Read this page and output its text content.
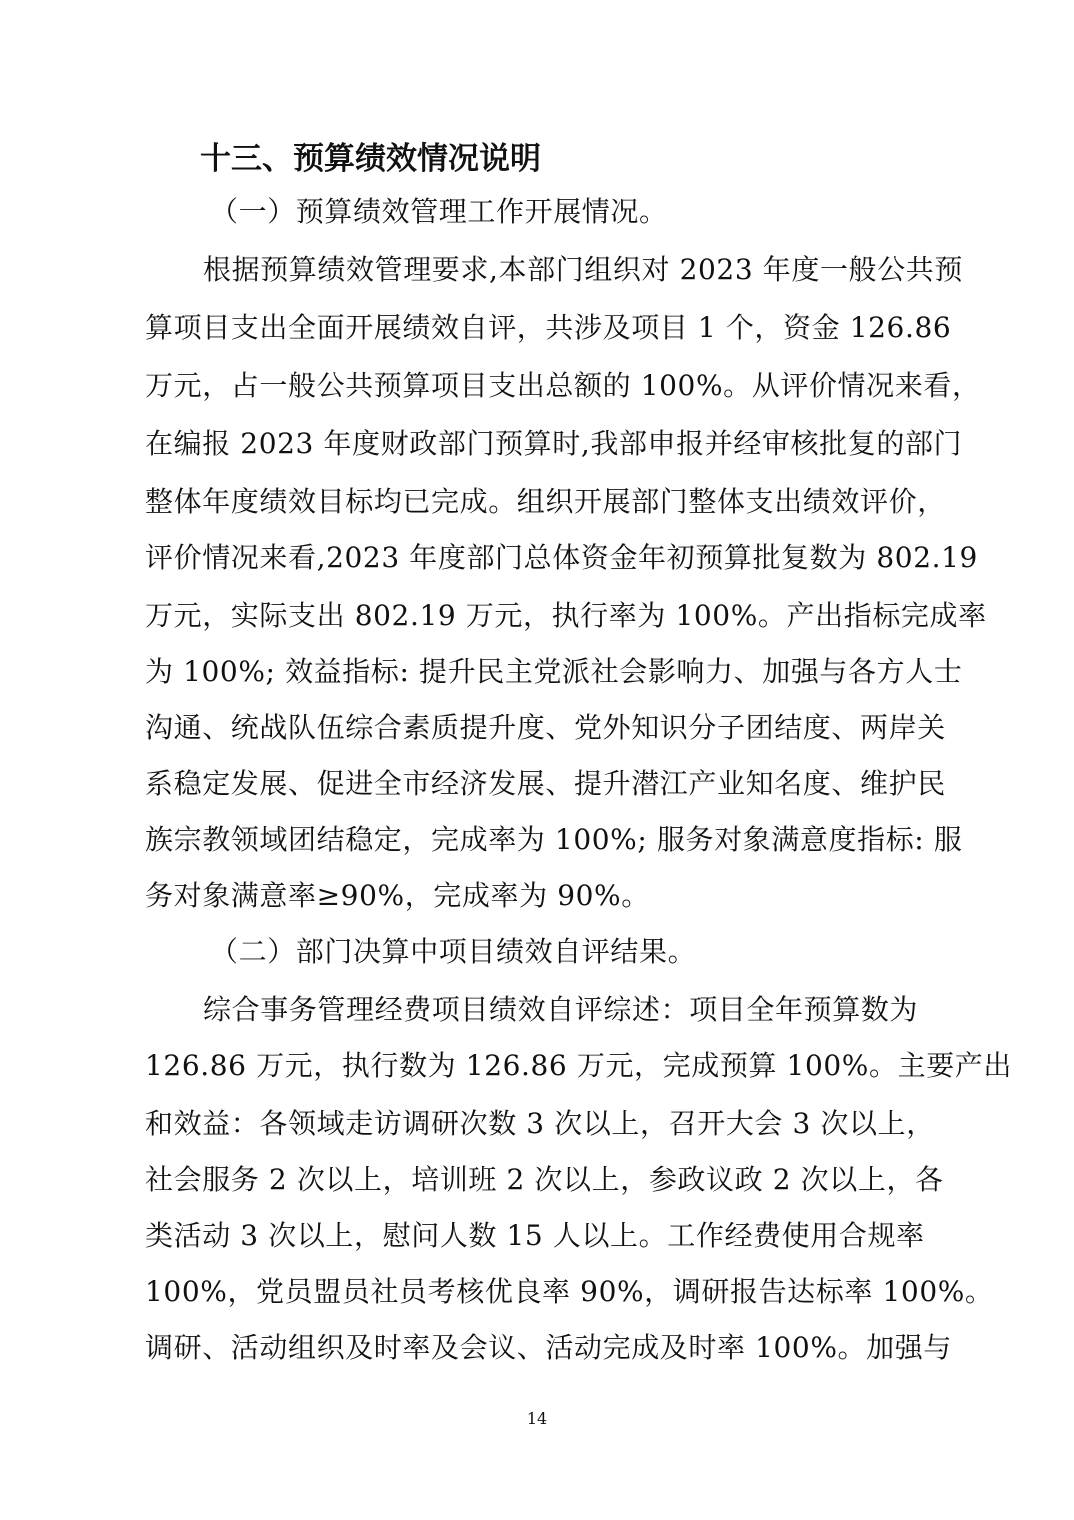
十三、预算绩效情况说明
（一）预算绩效管理工作开展情况。
根据预算绩效管理要求,本部门组织对 2023 年度一般公共预
算项目支出全面开展绩效自评，共涉及项目 1 个，资金 126.86
万元，占一般公共预算项目支出总额的 100%。从评价情况来看，
在编报 2023 年度财政部门预算时,我部申报并经审核批复的部门
整体年度绩效目标均已完成。组织开展部门整体支出绩效评价，
评价情况来看,2023 年度部门总体资金年初预算批复数为 802.19
万元，实际支出 802.19 万元，执行率为 100%。产出指标完成率
为 100%; 效益指标: 提升民主党派社会影响力、加强与各方人士
沟通、统战队伍综合素质提升度、党外知识分子团结度、两岸关
系稳定发展、促进全市经济发展、提升潜江产业知名度、维护民
族宗教领域团结稳定，完成率为 100%; 服务对象满意度指标: 服
务对象满意率≥90%，完成率为 90%。
（二）部门决算中项目绩效自评结果。
综合事务管理经费项目绩效自评综述：项目全年预算数为
126.86 万元，执行数为 126.86 万元，完成预算 100%。主要产出
和效益：各领域走访调研次数 3 次以上，召开大会 3 次以上，
社会服务 2 次以上，培训班 2 次以上，参政议政 2 次以上，各
类活动 3 次以上，慰问人数 15 人以上。工作经费使用合规率
100%，党员盟员社员考核优良率 90%，调研报告达标率 100%。
调研、活动组织及时率及会议、活动完成及时率 100%。加强与
14
